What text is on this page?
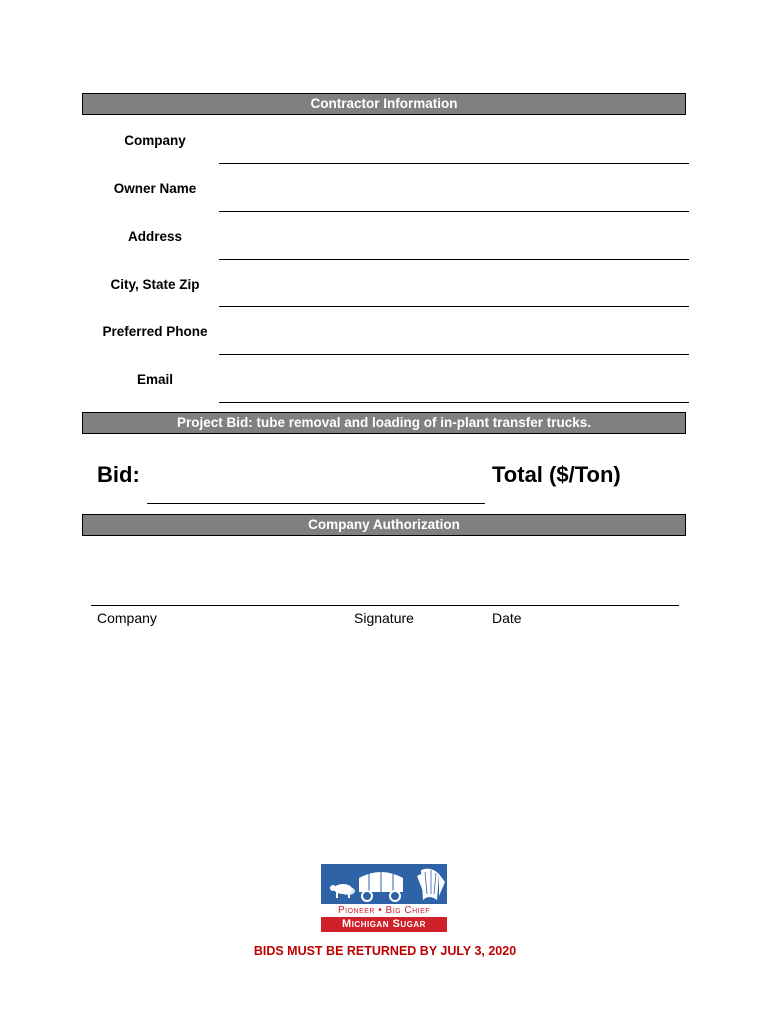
Contractor Information
Company
Owner Name
Address
City, State Zip
Preferred Phone
Email
Project Bid: tube removal and loading of in-plant transfer trucks.
Bid:	Total ($/Ton)
Company Authorization
Company	Signature	Date
Pioneer • Big Chief
Michigan Sugar
BIDS MUST BE RETURNED BY JULY 3, 2020
